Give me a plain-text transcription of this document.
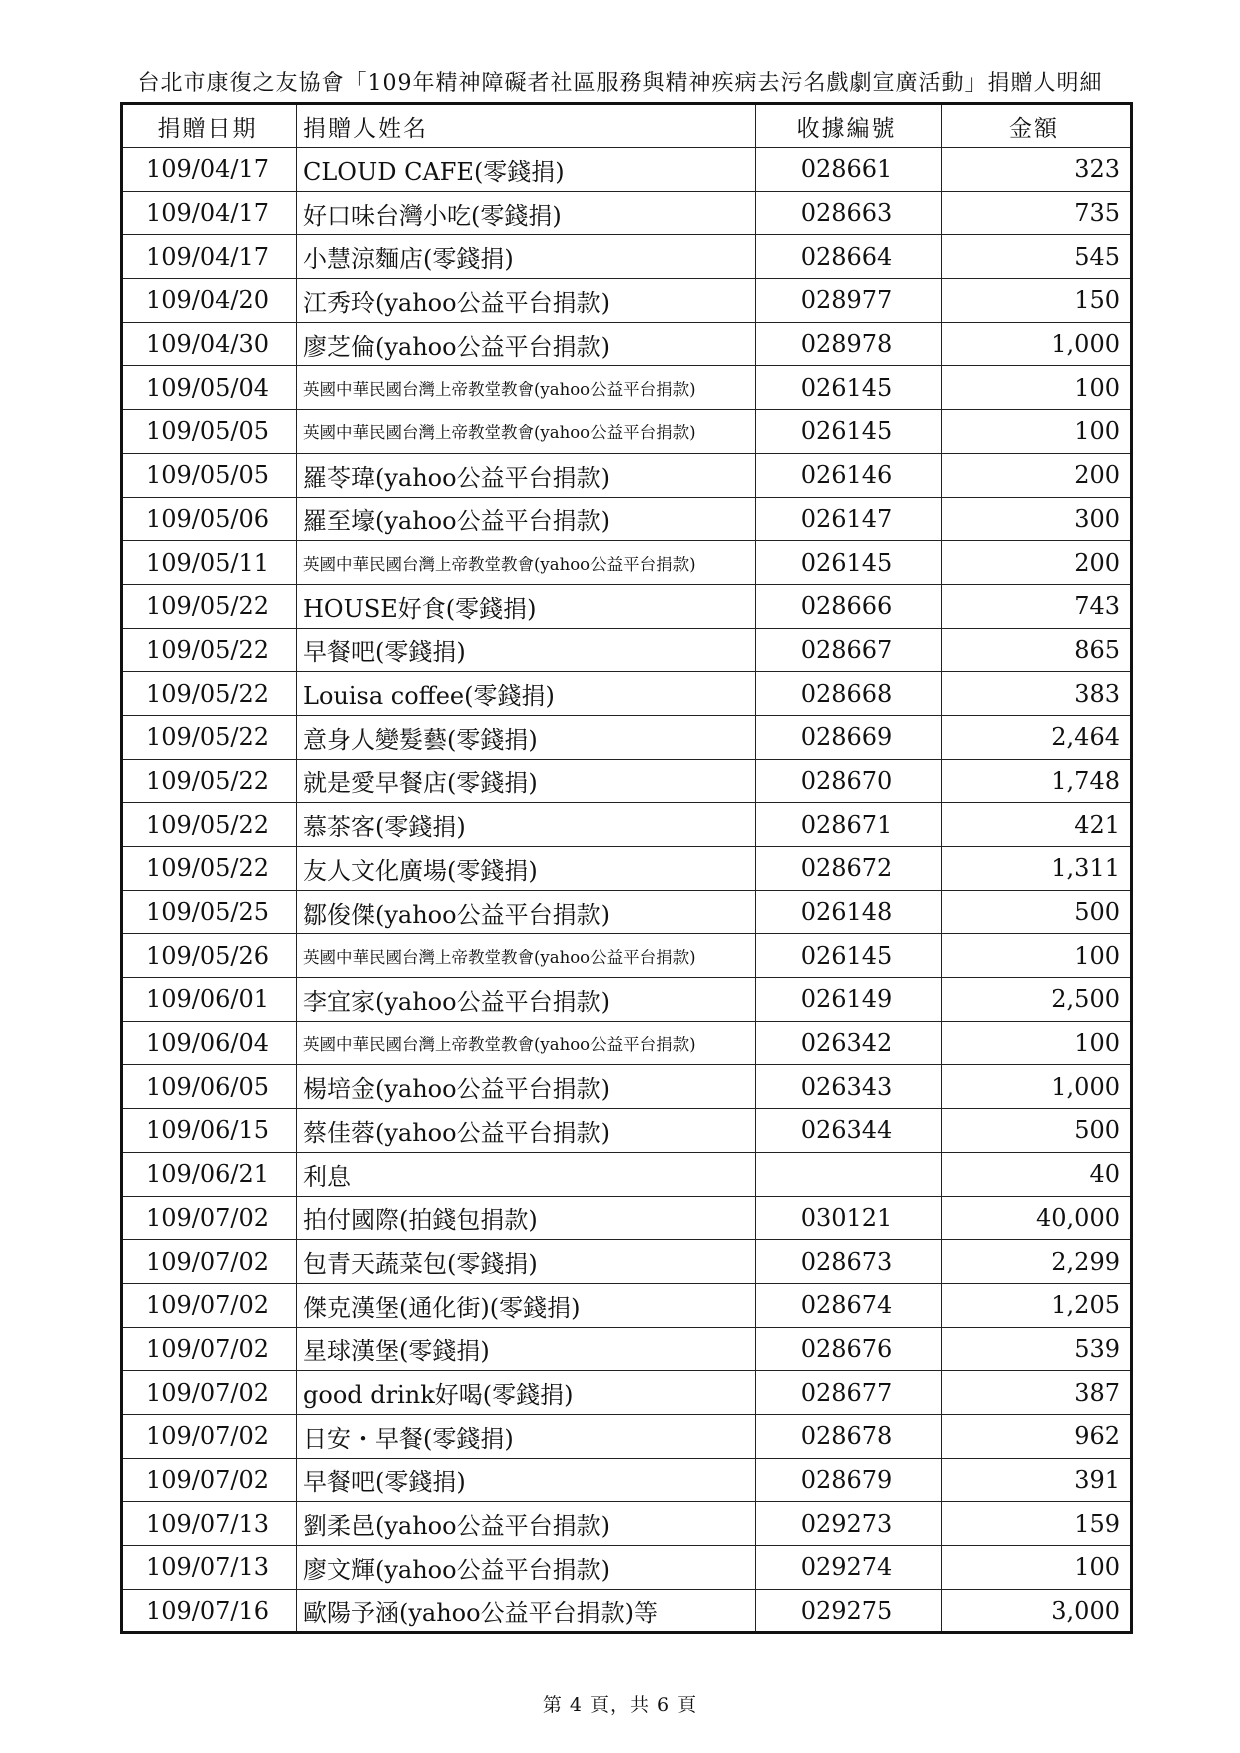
台北市康復之友協會「109年精神障礙者社區服務與精神疾病去污名戲劇宣廣活動」捐贈人明細
捐贈日期	捐贈人姓名	收據編號	金額
109/04/17	CLOUD CAFE(零錢捐)	028661	323
109/04/17	好口味台灣小吃(零錢捐)	028663	735
109/04/17	小慧涼麵店(零錢捐)	028664	545
109/04/20	江秀玲(yahoo公益平台捐款)	028977	150
109/04/30	廖芝倫(yahoo公益平台捐款)	028978	1,000
109/05/04	英國中華民國台灣上帝教堂教會(yahoo公益平台捐款)	026145	100
109/05/05	英國中華民國台灣上帝教堂教會(yahoo公益平台捐款)	026145	100
109/05/05	羅苓瑋(yahoo公益平台捐款)	026146	200
109/05/06	羅至壕(yahoo公益平台捐款)	026147	300
109/05/11	英國中華民國台灣上帝教堂教會(yahoo公益平台捐款)	026145	200
109/05/22	HOUSE好食(零錢捐)	028666	743
109/05/22	早餐吧(零錢捐)	028667	865
109/05/22	Louisa coffee(零錢捐)	028668	383
109/05/22	意身人變髮藝(零錢捐)	028669	2,464
109/05/22	就是愛早餐店(零錢捐)	028670	1,748
109/05/22	慕茶客(零錢捐)	028671	421
109/05/22	友人文化廣場(零錢捐)	028672	1,311
109/05/25	鄒俊傑(yahoo公益平台捐款)	026148	500
109/05/26	英國中華民國台灣上帝教堂教會(yahoo公益平台捐款)	026145	100
109/06/01	李宜家(yahoo公益平台捐款)	026149	2,500
109/06/04	英國中華民國台灣上帝教堂教會(yahoo公益平台捐款)	026342	100
109/06/05	楊培金(yahoo公益平台捐款)	026343	1,000
109/06/15	蔡佳蓉(yahoo公益平台捐款)	026344	500
109/06/21	利息		40
109/07/02	拍付國際(拍錢包捐款)	030121	40,000
109/07/02	包青天蔬菜包(零錢捐)	028673	2,299
109/07/02	傑克漢堡(通化街)(零錢捐)	028674	1,205
109/07/02	星球漢堡(零錢捐)	028676	539
109/07/02	good drink好喝(零錢捐)	028677	387
109/07/02	日安・早餐(零錢捐)	028678	962
109/07/02	早餐吧(零錢捐)	028679	391
109/07/13	劉柔邑(yahoo公益平台捐款)	029273	159
109/07/13	廖文輝(yahoo公益平台捐款)	029274	100
109/07/16	歐陽予涵(yahoo公益平台捐款)等	029275	3,000
第 4 頁，共 6 頁
